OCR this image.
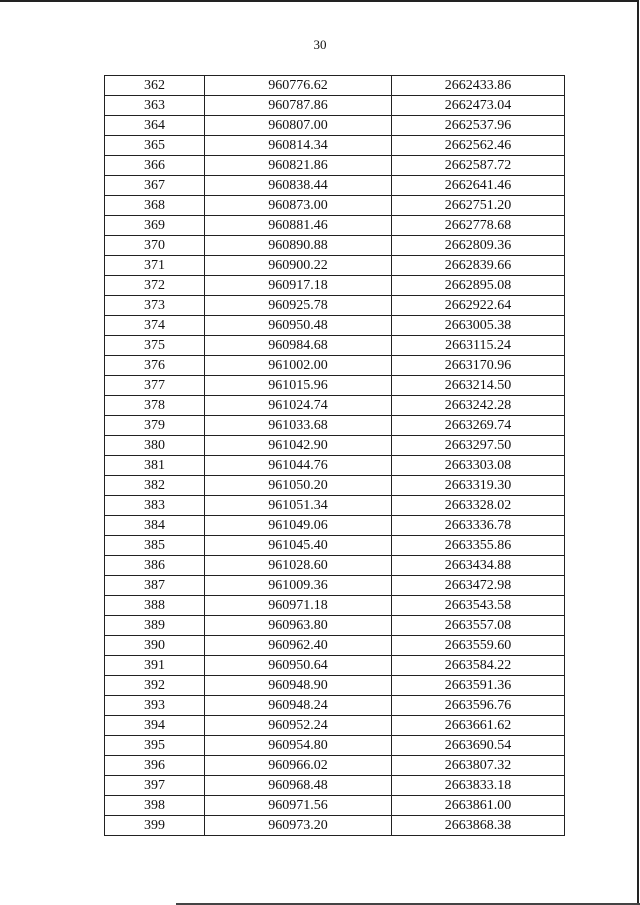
30
362	960776.62	2662433.86
363	960787.86	2662473.04
364	960807.00	2662537.96
365	960814.34	2662562.46
366	960821.86	2662587.72
367	960838.44	2662641.46
368	960873.00	2662751.20
369	960881.46	2662778.68
370	960890.88	2662809.36
371	960900.22	2662839.66
372	960917.18	2662895.08
373	960925.78	2662922.64
374	960950.48	2663005.38
375	960984.68	2663115.24
376	961002.00	2663170.96
377	961015.96	2663214.50
378	961024.74	2663242.28
379	961033.68	2663269.74
380	961042.90	2663297.50
381	961044.76	2663303.08
382	961050.20	2663319.30
383	961051.34	2663328.02
384	961049.06	2663336.78
385	961045.40	2663355.86
386	961028.60	2663434.88
387	961009.36	2663472.98
388	960971.18	2663543.58
389	960963.80	2663557.08
390	960962.40	2663559.60
391	960950.64	2663584.22
392	960948.90	2663591.36
393	960948.24	2663596.76
394	960952.24	2663661.62
395	960954.80	2663690.54
396	960966.02	2663807.32
397	960968.48	2663833.18
398	960971.56	2663861.00
399	960973.20	2663868.38
